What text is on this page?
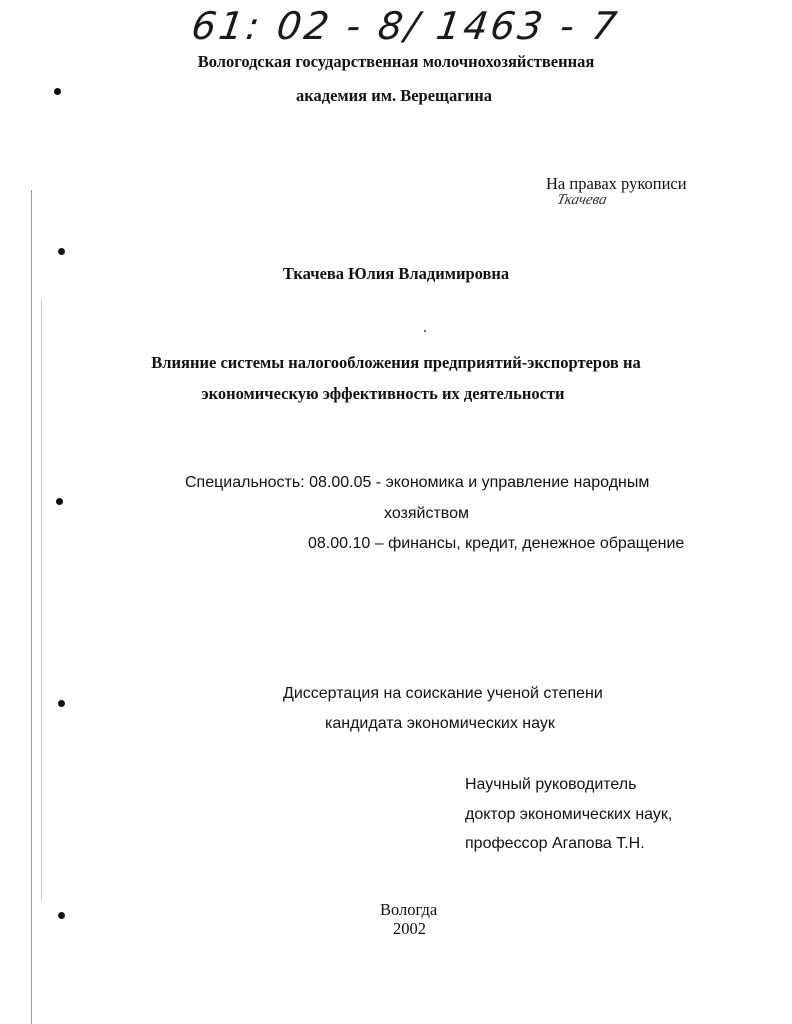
61: 02 - 8/ 1463 - 7
Вологодская государственная молочнохозяйственная
академия им. Верещагина
На правах рукописи
Ткачева
Ткачева Юлия Владимировна
Влияние системы налогообложения предприятий-экспортеров на
экономическую эффективность их деятельности
Специальность: 08.00.05 - экономика и управление народным
хозяйством
08.00.10 – финансы, кредит, денежное обращение
Диссертация на соискание ученой степени
кандидата экономических наук
Научный руководитель
доктор экономических наук,
профессор Агапова Т.Н.
Вологда
2002
